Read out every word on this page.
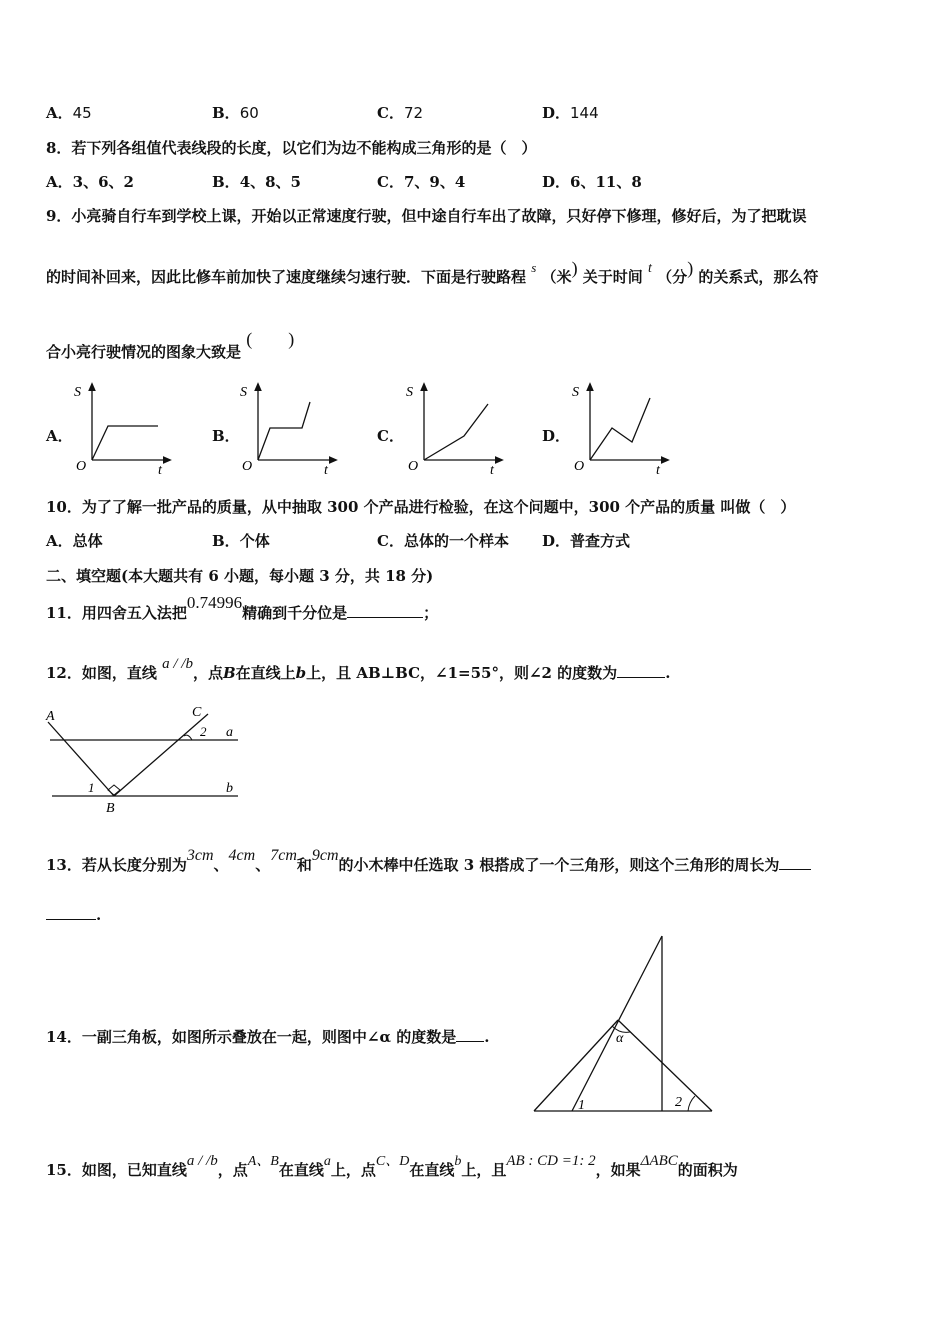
A．45	B．60	C．72	D．144
8．若下列各组值代表线段的长度，以它们为边不能构成三角形的是（　）
A．3、6、2	B．4、8、5	C．7、9、4	D．6、11、8
9．小亮骑自行车到学校上课，开始以正常速度行驶，但中途自行车出了故障，只好停下修理，修好后，为了把耽误
的时间补回来，因此比修车前加快了速度继续匀速行驶．下面是行驶路程 s （米) 关于时间 t （分) 的关系式，那么符
合小亮行驶情况的图象大致是 ( )
A．	B．	C．	D．
S
O	t
S
O	t
S
O	t
S
O	t
10．为了了解一批产品的质量，从中抽取 300 个产品进行检验，在这个问题中，300 个产品的质量 叫做（　）
A．总体	B．个体	C．总体的一个样本 D．普查方式
二、填空题(本大题共有 6 小题，每小题 3 分，共 18 分)
11．用四舍五入法把0.74996精确到千分位是	；
12．如图，直线 a / /b，点B在直线上b上，且 AB⊥BC，∠1=55°，则∠2 的度数为	.
A	C
a
b
B
1
2
13．若从长度分别为3cm、4cm、7cm和9cm的小木棒中任选取 3 根搭成了一个三角形，则这个三角形的周长为
.
14．一副三角板，如图所示叠放在一起，则图中∠α 的度数是 .	α
1	2
15．如图，已知直线a / /b，点A、B在直线a上，点C、D在直线b上，且AB : CD =1: 2，如果ΔABC的面积为
